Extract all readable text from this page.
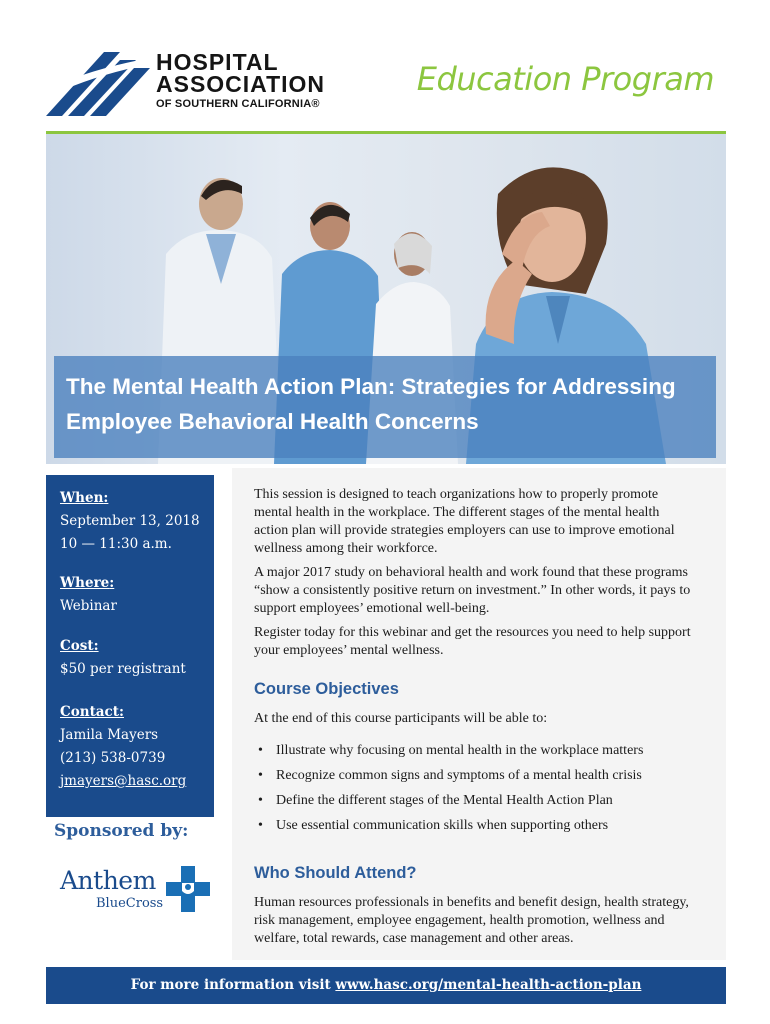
HOSPITAL
ASSOCIATION
OF SOUTHERN CALIFORNIA®
Education Program
The Mental Health Action Plan: Strategies for Addressing Employee Behavioral Health Concerns
When:
September 13, 2018
10 — 11:30 a.m.
Where:
Webinar
Cost:
$50 per registrant
Contact:
Jamila Mayers
(213) 538-0739
jmayers@hasc.org
Sponsored by:
Anthem
BlueCross

This session is designed to teach organizations how to properly promote mental health in the workplace. The different stages of the mental health action plan will provide strategies employers can use to improve emotional wellness among their workforce.

A major 2017 study on behavioral health and work found that these programs “show a consistently positive return on investment.” In other words, it pays to support employees’ emotional well-being.

Register today for this webinar and get the resources you need to help support your employees’ mental wellness.

Course Objectives

At the end of this course participants will be able to:

• Illustrate why focusing on mental health in the workplace matters
• Recognize common signs and symptoms of a mental health crisis
• Define the different stages of the Mental Health Action Plan
• Use essential communication skills when supporting others
Who Should Attend?

Human resources professionals in benefits and benefit design, health strategy, risk management, employee engagement, health promotion, wellness and welfare, total rewards, case management and other areas.

For more information visit www.hasc.org/mental-health-action-plan
